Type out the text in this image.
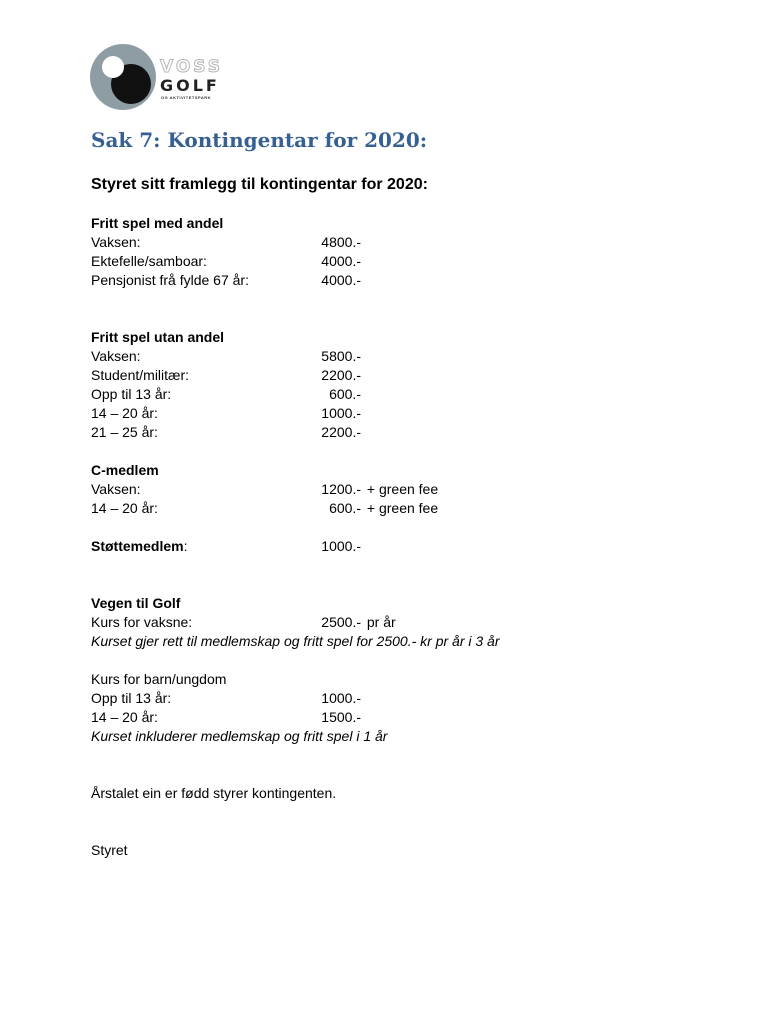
VOSS
GOLF
OG AKTIVITETSPARK
Sak 7: Kontingentar for 2020:
Styret sitt framlegg til kontingentar for 2020:
Fritt spel med andel
Vaksen:	4800.-
Ektefelle/samboar:	4000.-
Pensjonist frå fylde 67 år:	4000.-
Fritt spel utan andel
Vaksen:	5800.-
Student/militær:	2200.-
Opp til 13 år:	600.-
14 – 20 år:	1000.-
21 – 25 år:	2200.-
C-medlem
Vaksen:	1200.- + green fee
14 – 20 år:	600.- + green fee
Støttemedlem:	1000.-
Vegen til Golf
Kurs for vaksne:	2500.- pr år
Kurset gjer rett til medlemskap og fritt spel for 2500.- kr pr år i 3 år
Kurs for barn/ungdom
Opp til 13 år:	1000.-
14 – 20 år:	1500.-
Kurset inkluderer medlemskap og fritt spel i 1 år
Årstalet ein er fødd styrer kontingenten.
Styret
